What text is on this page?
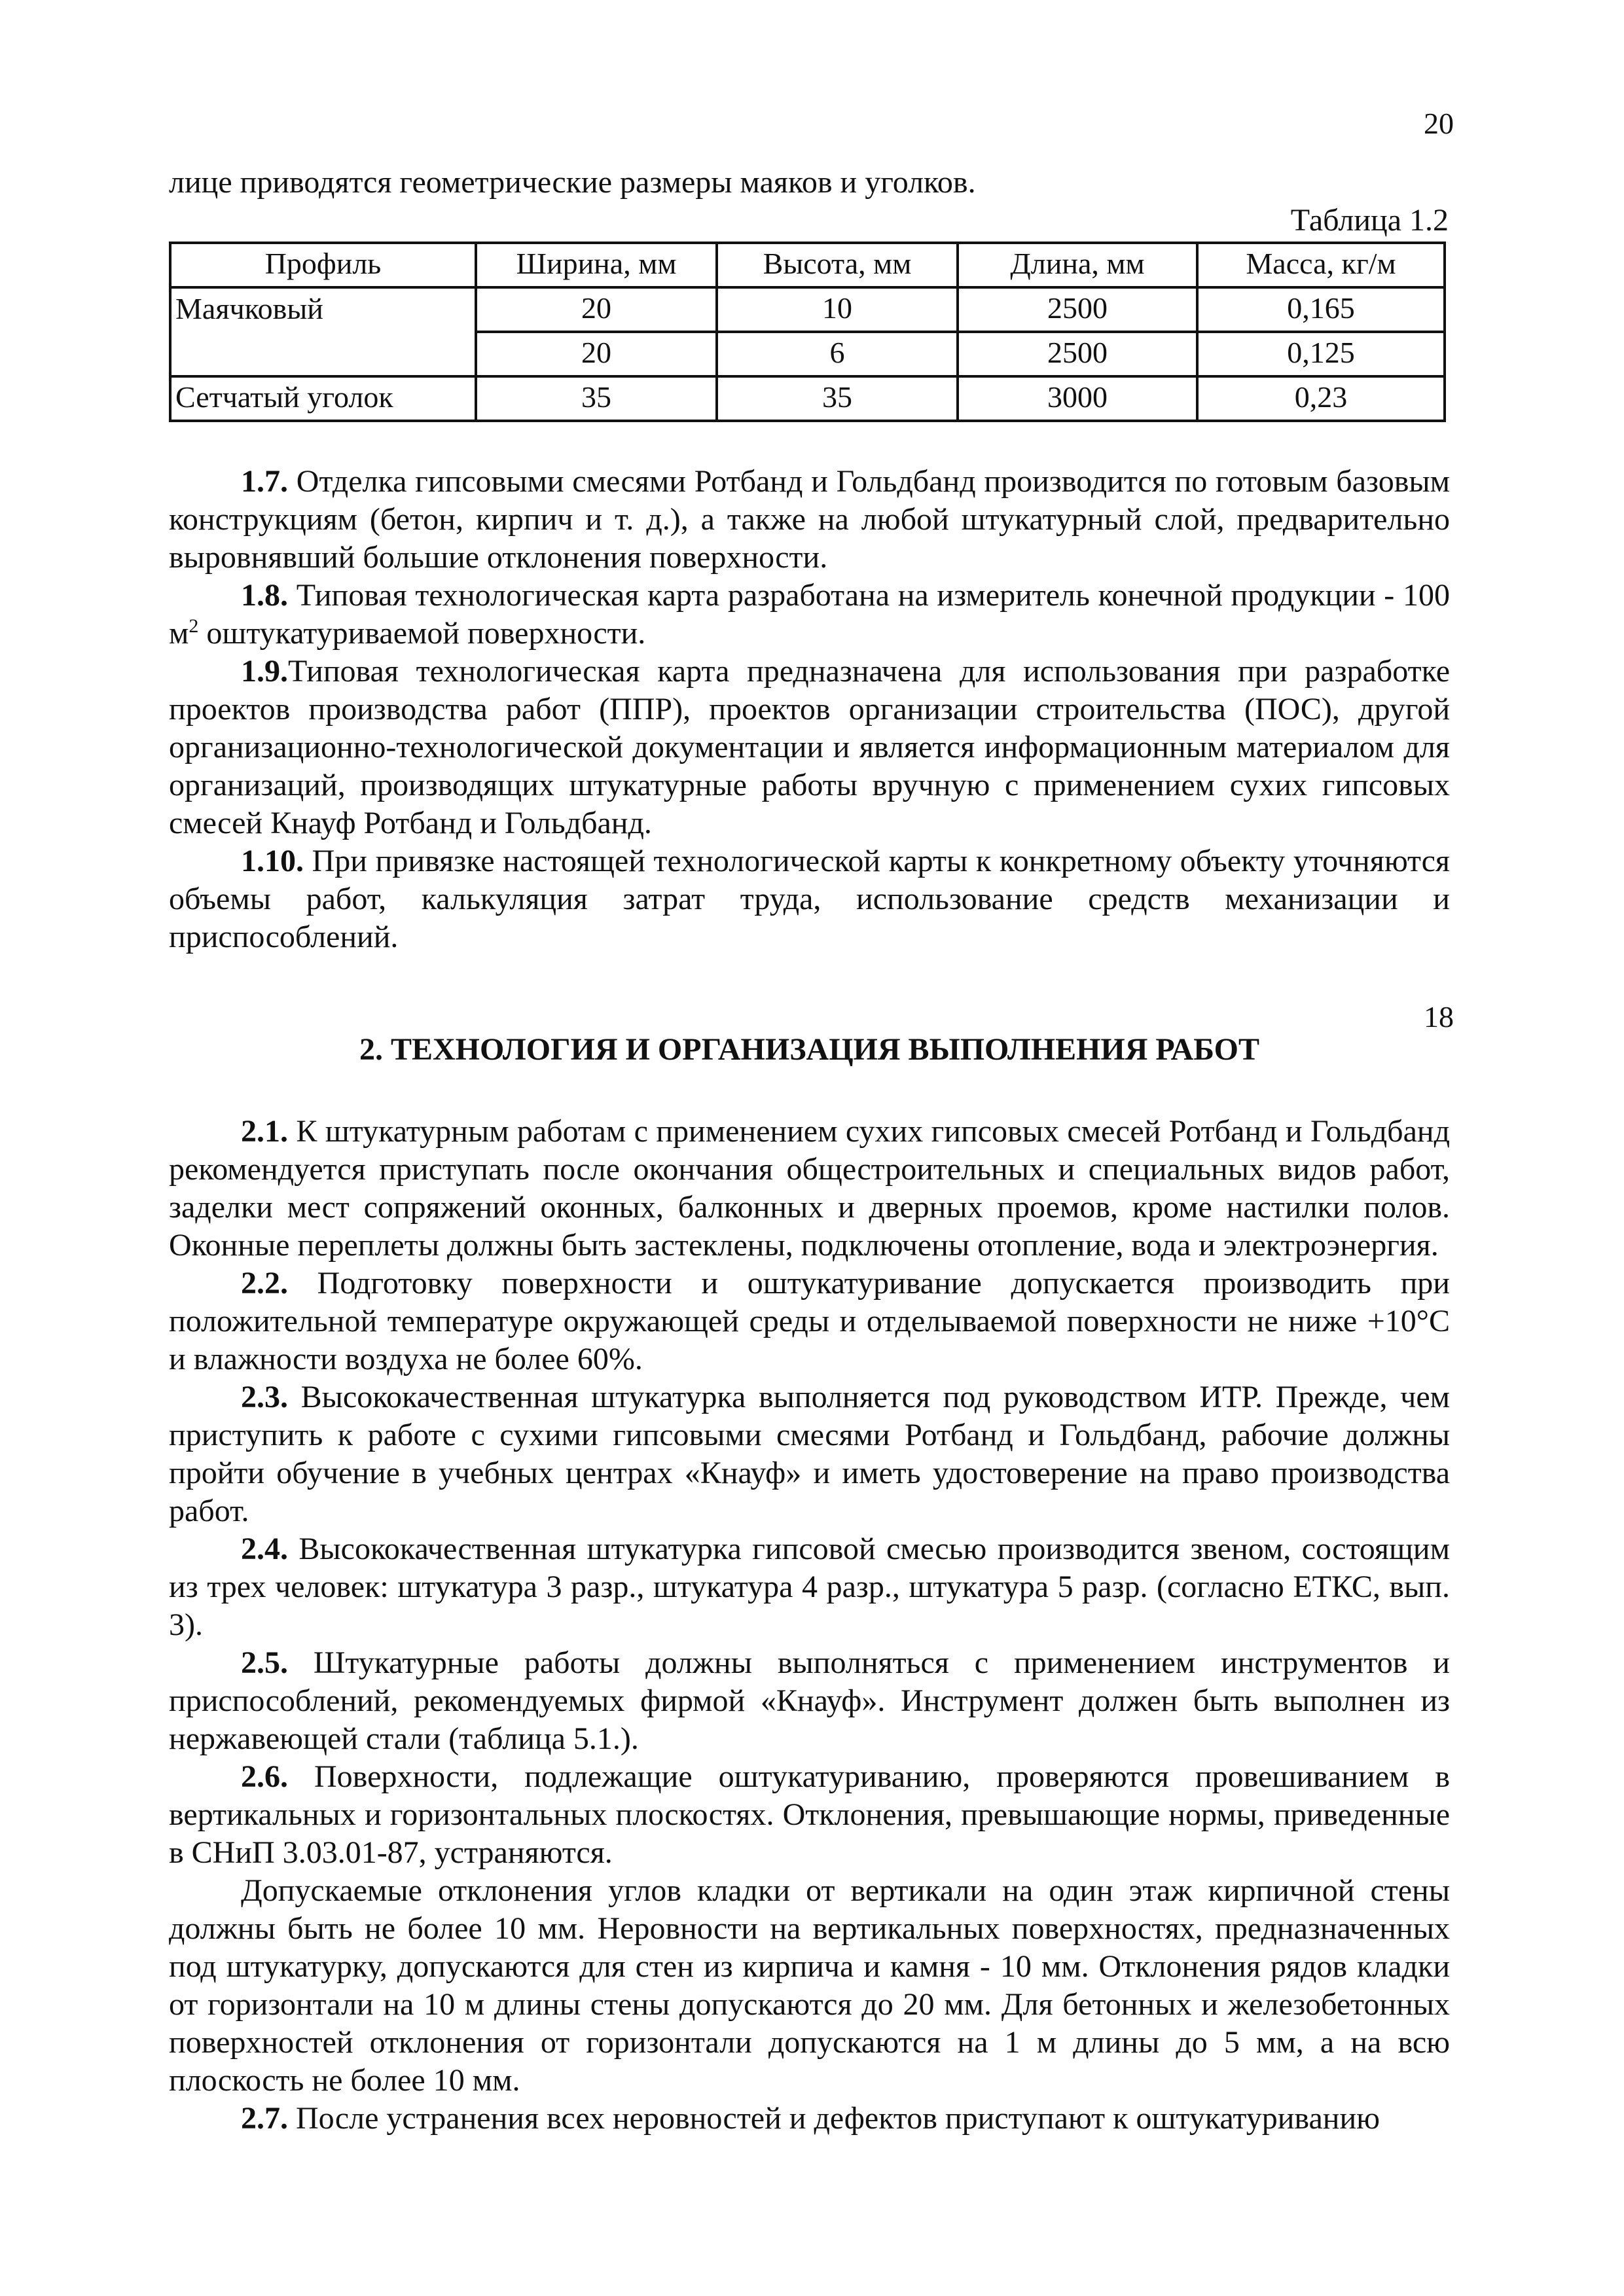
20

лице приводятся геометрические размеры маяков и уголков.

Таблица 1.2
Профиль	Ширина, мм	Высота, мм	Длина, мм	Масса, кг/м
Маячковый	20	10	2500	0,165
	20	6	2500	0,125
Сетчатый уголок	35	35	3000	0,23

1.7. Отделка гипсовыми смесями Ротбанд и Гольдбанд производится по готовым базовым конструкциям (бетон, кирпич и т. д.), а также на любой штукатурный слой, предварительно выровнявший большие отклонения поверхности.

1.8. Типовая технологическая карта разработана на измеритель конечной продукции - 100 $м^2$ оштукатуриваемой поверхности.

1.9.Типовая технологическая карта предназначена для использования при разработке проектов производства работ (ППР), проектов организации строительства (ПОС), другой организационно-технологической документации и является информационным материалом для организаций, производящих штукатурные работы вручную с применением сухих гипсовых смесей Кнауф Ротбанд и Гольдбанд.

1.10. При привязке настоящей технологической карты к конкретному объекту уточняются объемы работ, калькуляция затрат труда, использование средств механизации и приспособлений.

18
2. ТЕХНОЛОГИЯ И ОРГАНИЗАЦИЯ ВЫПОЛНЕНИЯ РАБОТ

2.1. К штукатурным работам с применением сухих гипсовых смесей Ротбанд и Гольдбанд рекомендуется приступать после окончания общестроительных и специальных видов работ, заделки мест сопряжений оконных, балконных и дверных проемов, кроме настилки полов. Оконные переплеты должны быть застеклены, подключены отопление, вода и электроэнергия.

2.2. Подготовку поверхности и оштукатуривание допускается производить при положительной температуре окружающей среды и отделываемой поверхности не ниже +10°С и влажности воздуха не более 60%.

2.3. Высококачественная штукатурка выполняется под руководством ИТР. Прежде, чем приступить к работе с сухими гипсовыми смесями Ротбанд и Гольдбанд, рабочие должны пройти обучение в учебных центрах «Кнауф» и иметь удостоверение на право производства работ.

2.4. Высококачественная штукатурка гипсовой смесью производится звеном, состоящим из трех человек: штукатура 3 разр., штукатура 4 разр., штукатура 5 разр. (согласно ЕТКС, вып. 3).

2.5. Штукатурные работы должны выполняться с применением инструментов и приспособлений, рекомендуемых фирмой «Кнауф». Инструмент должен быть выполнен из нержавеющей стали (таблица 5.1.).

2.6. Поверхности, подлежащие оштукатуриванию, проверяются провешиванием в вертикальных и горизонтальных плоскостях. Отклонения, превышающие нормы, приведенные в СНиП 3.03.01-87, устраняются.

Допускаемые отклонения углов кладки от вертикали на один этаж кирпичной стены должны быть не более 10 мм. Неровности на вертикальных поверхностях, предназначенных под штукатурку, допускаются для стен из кирпича и камня - 10 мм. Отклонения рядов кладки от горизонтали на 10 м длины стены допускаются до 20 мм. Для бетонных и железобетонных поверхностей отклонения от горизонтали допускаются на 1 м длины до 5 мм, а на всю плоскость не более 10 мм.

2.7. После устранения всех неровностей и дефектов приступают к оштукатуриванию
